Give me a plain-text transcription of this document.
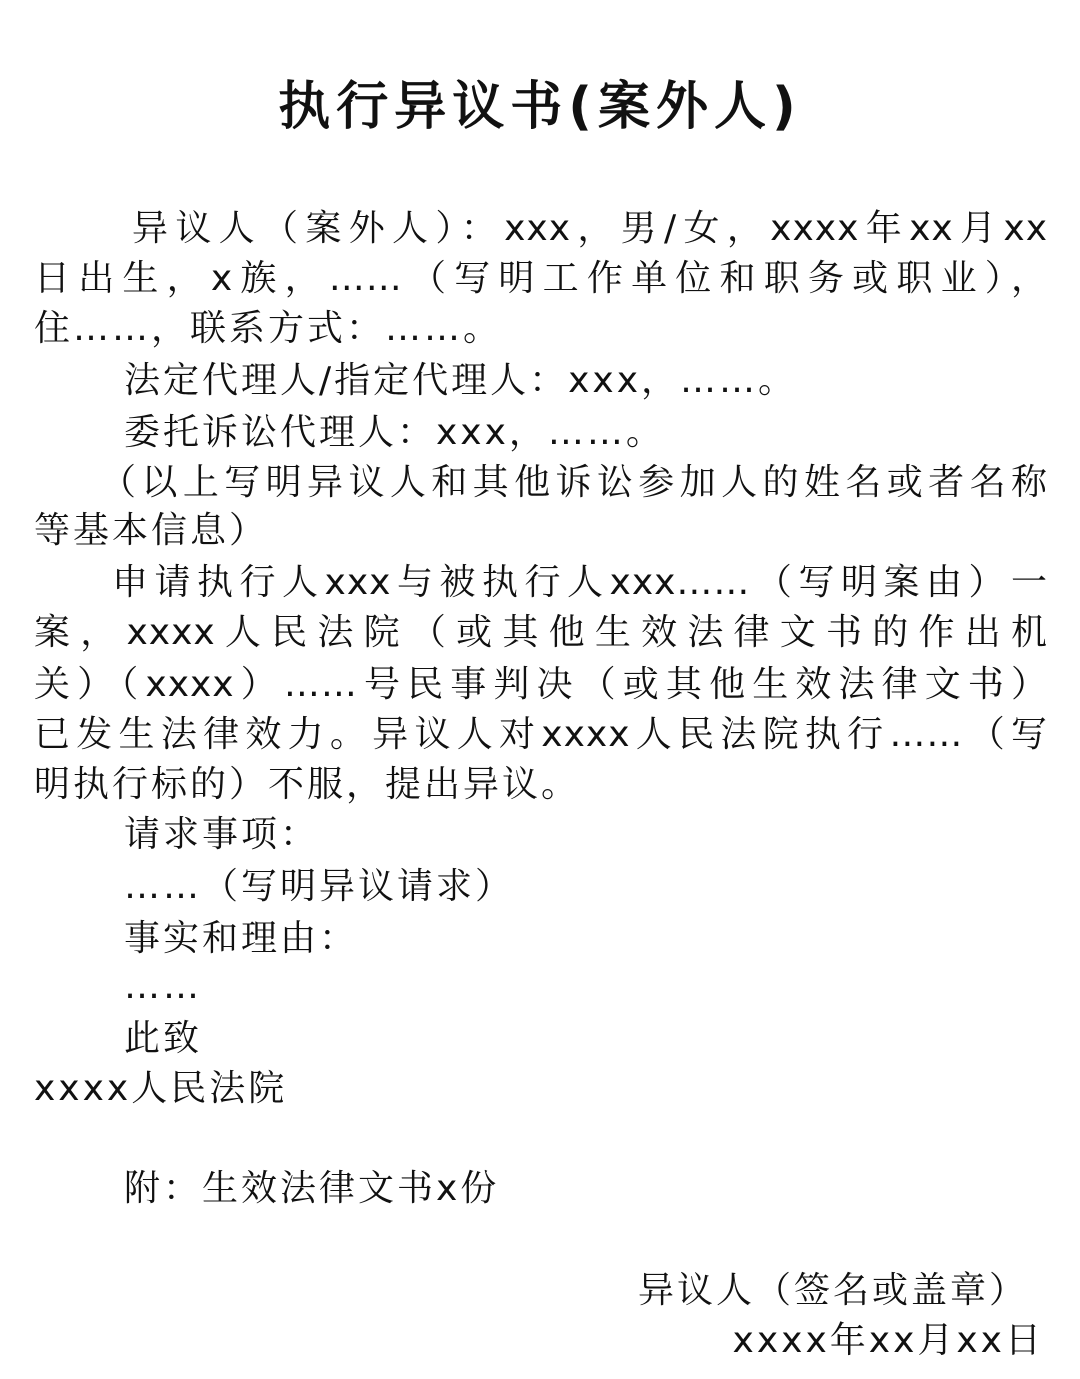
执行异议书(案外人)
异议人（案外人）：xxx，男/女，xxxx年xx月xx
日出生，x族，……（写明工作单位和职务或职业），
住……，联系方式：……。
法定代理人/指定代理人：xxx，……。
委托诉讼代理人：xxx，……。
（以上写明异议人和其他诉讼参加人的姓名或者名称
等基本信息）
申请执行人xxx与被执行人xxx……（写明案由）一
案，xxxx人民法院（或其他生效法律文书的作出机
关）（xxxx）……号民事判决（或其他生效法律文书）
已发生法律效力。异议人对xxxx人民法院执行……（写
明执行标的）不服，提出异议。
请求事项：
……（写明异议请求）
事实和理由：
……
此致
xxxx人民法院
附：生效法律文书x份
异议人（签名或盖章）
xxxx年xx月xx日
